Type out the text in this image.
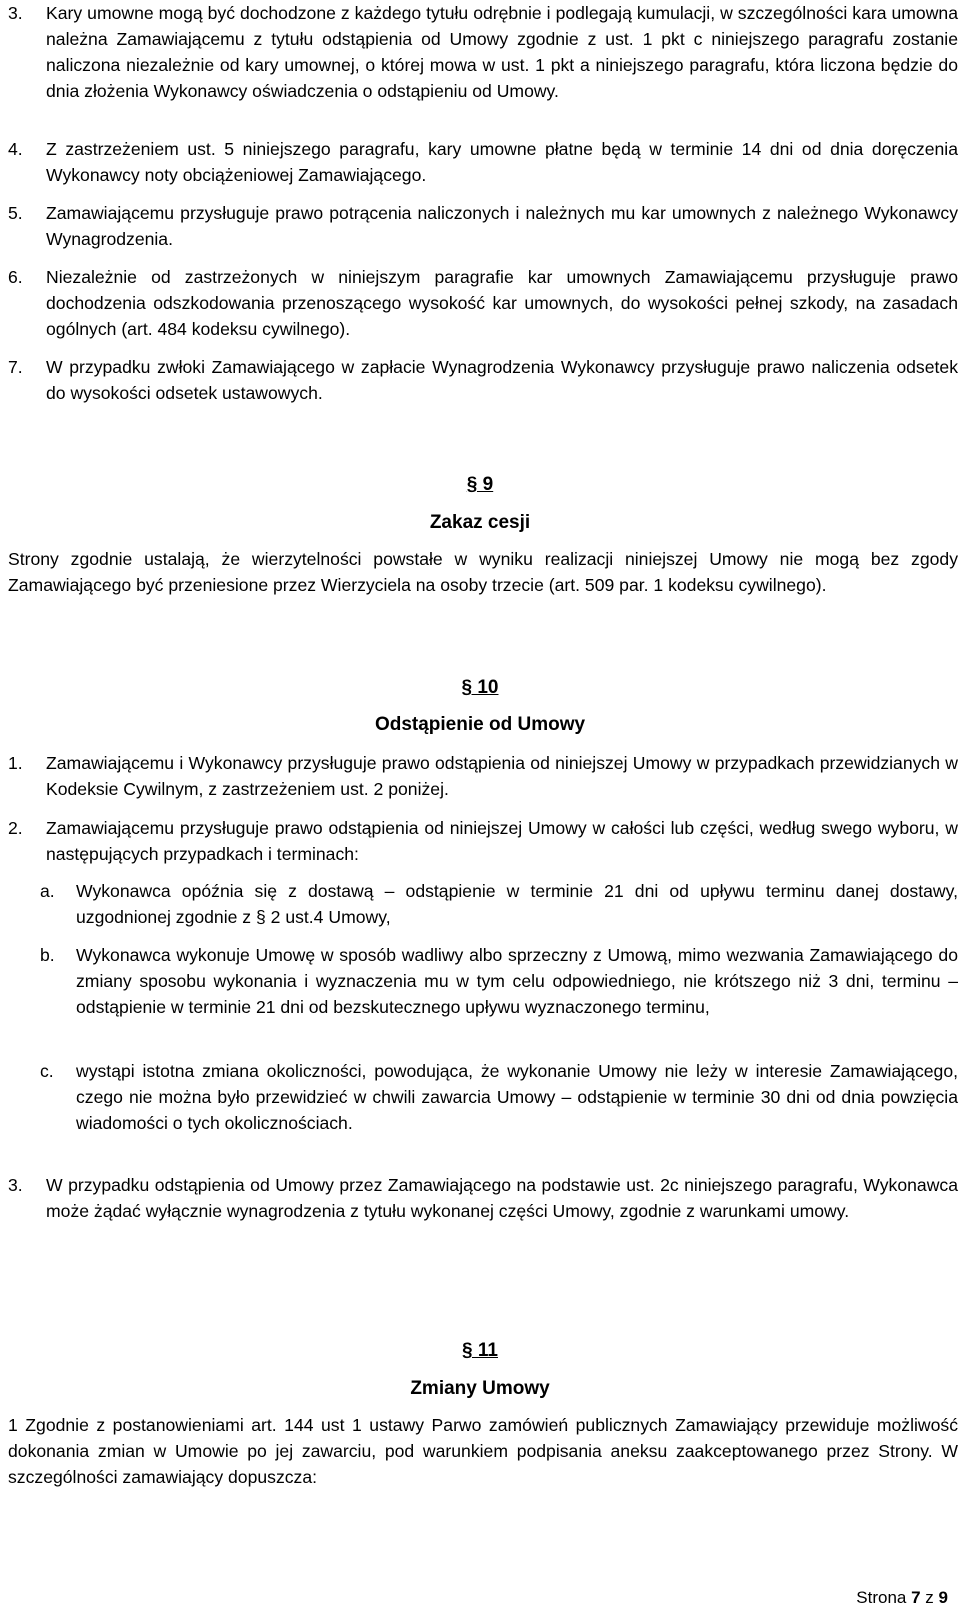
3. Kary umowne mogą być dochodzone z każdego tytułu odrębnie i podlegają kumulacji, w szczególności kara umowna należna Zamawiającemu z tytułu odstąpienia od Umowy zgodnie z ust. 1 pkt c niniejszego paragrafu zostanie naliczona niezależnie od kary umownej, o której mowa w ust. 1 pkt a niniejszego paragrafu, która liczona będzie do dnia złożenia Wykonawcy oświadczenia o odstąpieniu od Umowy.
4. Z zastrzeżeniem ust. 5 niniejszego paragrafu, kary umowne płatne będą w terminie 14 dni od dnia doręczenia Wykonawcy noty obciążeniowej Zamawiającego.
5. Zamawiającemu przysługuje prawo potrącenia naliczonych i należnych mu kar umownych z należnego Wykonawcy Wynagrodzenia.
6. Niezależnie od zastrzeżonych w niniejszym paragrafie kar umownych Zamawiającemu przysługuje prawo dochodzenia odszkodowania przenoszącego wysokość kar umownych, do wysokości pełnej szkody, na zasadach ogólnych (art. 484 kodeksu cywilnego).
7. W przypadku zwłoki Zamawiającego w zapłacie Wynagrodzenia Wykonawcy przysługuje prawo naliczenia odsetek do wysokości odsetek ustawowych.
§ 9
Zakaz cesji
Strony zgodnie ustalają, że wierzytelności powstałe w wyniku realizacji niniejszej Umowy nie mogą bez zgody Zamawiającego być przeniesione przez Wierzyciela na osoby trzecie (art. 509 par. 1 kodeksu cywilnego).
§ 10
Odstąpienie od Umowy
1. Zamawiającemu i Wykonawcy przysługuje prawo odstąpienia od niniejszej Umowy w przypadkach przewidzianych w Kodeksie Cywilnym, z zastrzeżeniem ust. 2 poniżej.
2. Zamawiającemu przysługuje prawo odstąpienia od niniejszej Umowy w całości lub części, według swego wyboru, w następujących przypadkach i terminach:
a. Wykonawca opóźnia się z dostawą – odstąpienie w terminie 21 dni od upływu terminu danej dostawy, uzgodnionej zgodnie z § 2 ust.4 Umowy,
b. Wykonawca wykonuje Umowę w sposób wadliwy albo sprzeczny z Umową, mimo wezwania Zamawiającego do zmiany sposobu wykonania i wyznaczenia mu w tym celu odpowiedniego, nie krótszego niż 3 dni, terminu – odstąpienie w terminie 21 dni od bezskutecznego upływu wyznaczonego terminu,
c. wystąpi istotna zmiana okoliczności, powodująca, że wykonanie Umowy nie leży w interesie Zamawiającego, czego nie można było przewidzieć w chwili zawarcia Umowy – odstąpienie w terminie 30 dni od dnia powzięcia wiadomości o tych okolicznościach.
3. W przypadku odstąpienia od Umowy przez Zamawiającego na podstawie ust. 2c niniejszego paragrafu, Wykonawca może żądać wyłącznie wynagrodzenia z tytułu wykonanej części Umowy, zgodnie z warunkami umowy.
§ 11
Zmiany Umowy
1 Zgodnie z postanowieniami art. 144 ust 1 ustawy Parwo zamówień publicznych Zamawiający przewiduje możliwość dokonania zmian w Umowie po jej zawarciu, pod warunkiem podpisania aneksu zaakceptowanego przez Strony. W szczególności zamawiający dopuszcza:
Strona 7 z 9
